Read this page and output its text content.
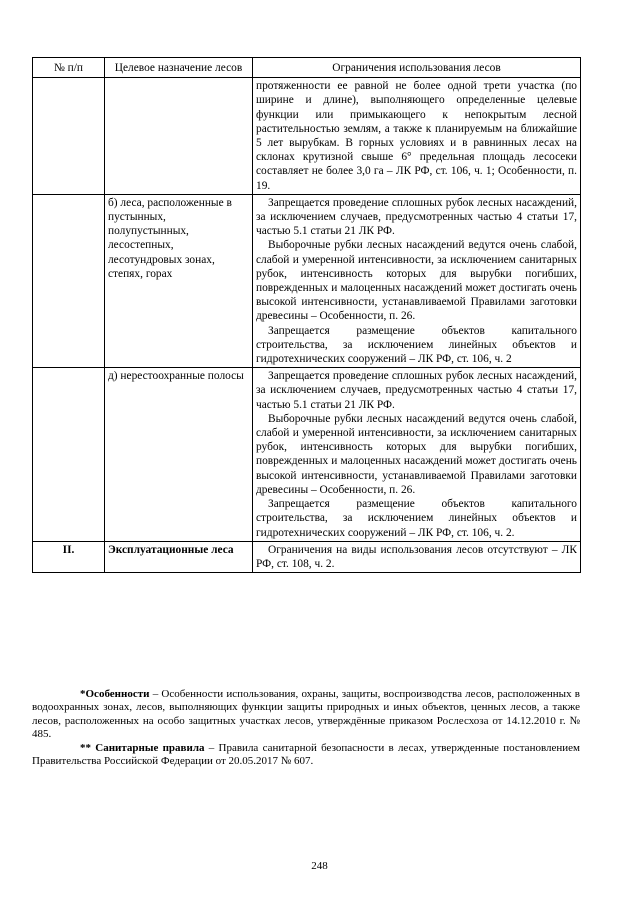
№ п/п	Целевое назначение лесов	Ограничения использования лесов

		протяженности ее равной не более одной трети участка (по ширине и длине), выполняющего определенные целевые функции или примыкающего к непокрытым лесной растительностью землям, а также к планируемым на ближайшие 5 лет вырубкам. В горных условиях и в равнинных лесах на склонах крутизной свыше 6° предельная площадь лесосеки составляет не более 3,0 га – ЛК РФ, ст. 106, ч. 1; Особенности, п. 19.

	б) леса, расположенные в пустынных, полупустынных, лесостепных, лесотундровых зонах, степях, горах	Запрещается проведение сплошных рубок лесных насаждений, за исключением случаев, предусмотренных частью 4 статьи 17, частью 5.1 статьи 21 ЛК РФ.

Выборочные рубки лесных насаждений ведутся очень слабой, слабой и умеренной интенсивности, за исключением санитарных рубок, интенсивность которых для вырубки погибших, поврежденных и малоценных насаждений может достигать очень высокой интенсивности, устанавливаемой Правилами заготовки древесины – Особенности, п. 26.

Запрещается размещение объектов капитального строительства, за исключением линейных объектов и гидротехнических сооружений – ЛК РФ, ст. 106, ч. 2

	д) нерестоохранные полосы	Запрещается проведение сплошных рубок лесных насаждений, за исключением случаев, предусмотренных частью 4 статьи 17, частью 5.1 статьи 21 ЛК РФ.

Выборочные рубки лесных насаждений ведутся очень слабой, слабой и умеренной интенсивности, за исключением санитарных рубок, интенсивность которых для вырубки погибших, поврежденных и малоценных насаждений может достигать очень высокой интенсивности, устанавливаемой Правилами заготовки древесины – Особенности, п. 26.

Запрещается размещение объектов капитального строительства, за исключением линейных объектов и гидротехнических сооружений – ЛК РФ, ст. 106, ч. 2.

II.	Эксплуатационные леса	Ограничения на виды использования лесов отсутствуют – ЛК РФ, ст. 108, ч. 2.

*Особенности – Особенности использования, охраны, защиты, воспроизводства лесов, расположенных в водоохранных зонах, лесов, выполняющих функции защиты природных и иных объектов, ценных лесов, а также лесов, расположенных на особо защитных участках лесов, утверждённые приказом Рослесхоза от 14.12.2010 г. № 485.

** Санитарные правила – Правила санитарной безопасности в лесах, утвержденные постановлением Правительства Российской Федерации от 20.05.2017 № 607.

248
